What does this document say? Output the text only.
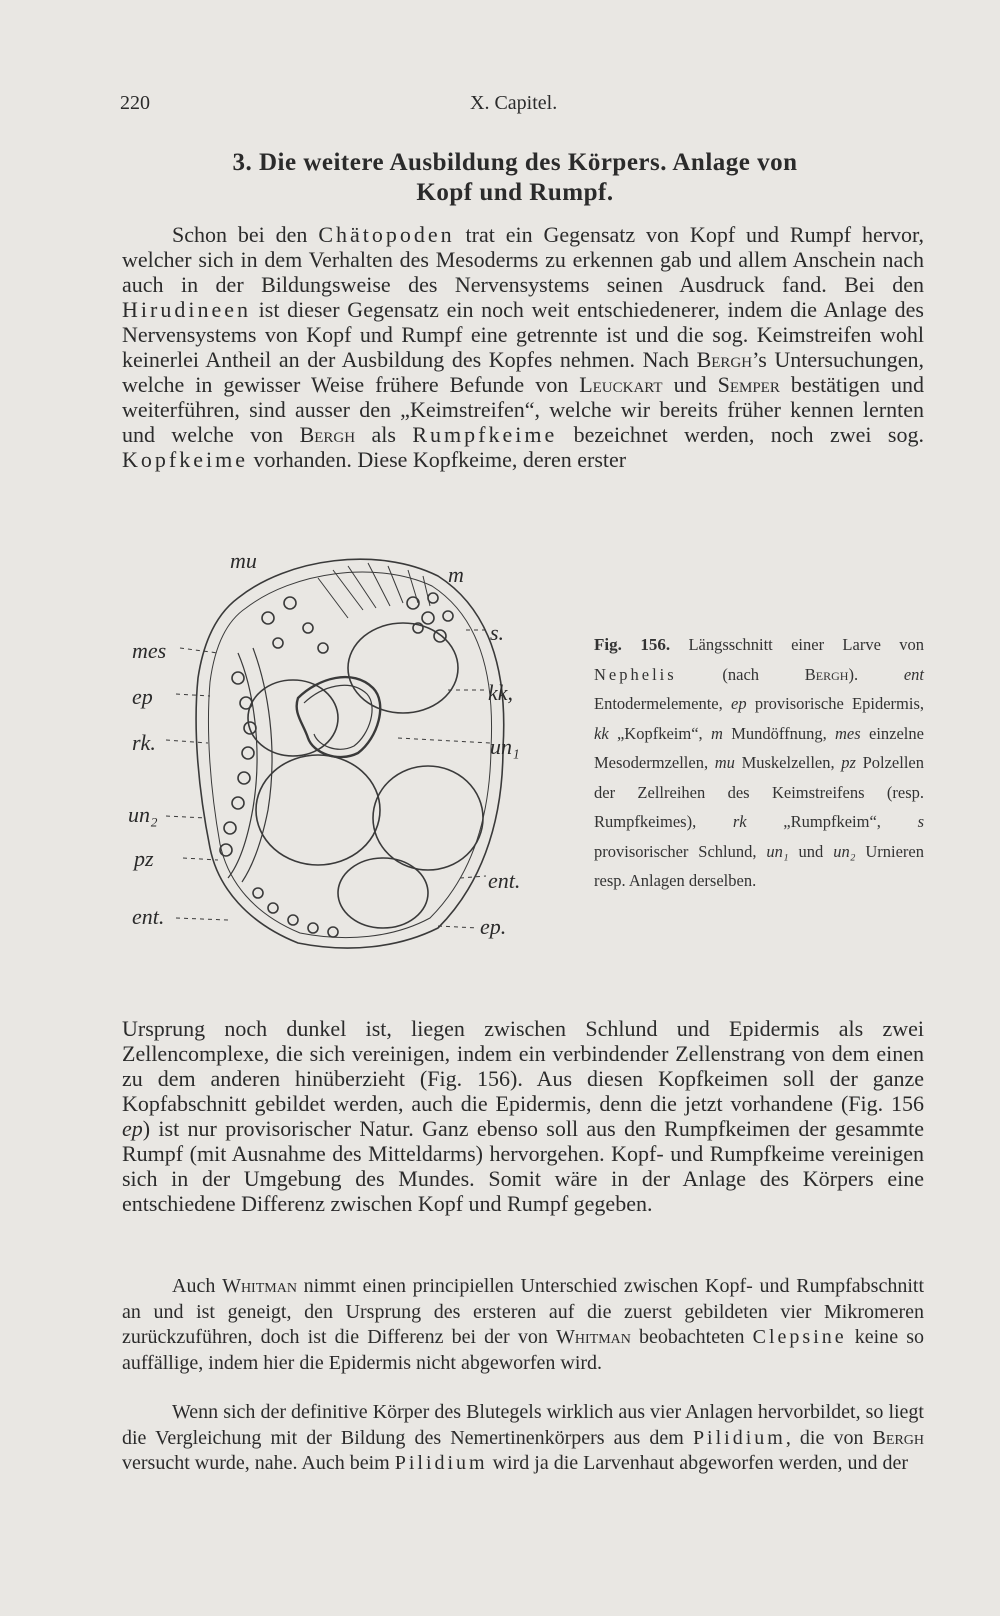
220	X. Capitel.
3. Die weitere Ausbildung des Körpers. Anlage von
Kopf und Rumpf.

Schon bei den Chätopoden trat ein Gegensatz von Kopf und Rumpf hervor, welcher sich in dem Verhalten des Mesoderms zu erkennen gab und allem Anschein nach auch in der Bildungsweise des Nervensystems seinen Ausdruck fand. Bei den Hirudineen ist dieser Gegensatz ein noch weit entschiedenerer, indem die Anlage des Nervensystems von Kopf und Rumpf eine getrennte ist und die sog. Keimstreifen wohl keinerlei Antheil an der Ausbildung des Kopfes nehmen. Nach Bergh’s Untersuchungen, welche in gewisser Weise frühere Befunde von Leuckart und Semper bestätigen und weiterführen, sind ausser den „Keimstreifen“, welche wir bereits früher kennen lernten und welche von Bergh als Rumpfkeime bezeichnet werden, noch zwei sog. Kopfkeime vorhanden. Diese Kopfkeime, deren erster

mu
m
s.
kk,
un₁
mes
ep
rk.
un₂
pz
ent.
ent.
ep.
Fig. 156. Längsschnitt einer Larve von Nephelis (nach Bergh). ent Entodermelemente, ep provisorische Epidermis, kk „Kopfkeim“, m Mundöffnung, mes einzelne Mesodermzellen, mu Muskelzellen, pz Polzellen der Zellreihen des Keimstreifens (resp. Rumpfkeimes), rk „Rumpfkeim“, s provisorischer Schlund, un₁ und un₂ Urnieren resp. Anlagen derselben.

Ursprung noch dunkel ist, liegen zwischen Schlund und Epidermis als zwei Zellencomplexe, die sich vereinigen, indem ein verbindender Zellenstrang von dem einen zu dem anderen hinüberzieht (Fig. 156). Aus diesen Kopfkeimen soll der ganze Kopfabschnitt gebildet werden, auch die Epidermis, denn die jetzt vorhandene (Fig. 156 ep) ist nur provisorischer Natur. Ganz ebenso soll aus den Rumpfkeimen der gesammte Rumpf (mit Ausnahme des Mitteldarms) hervorgehen. Kopf- und Rumpfkeime vereinigen sich in der Umgebung des Mundes. Somit wäre in der Anlage des Körpers eine entschiedene Differenz zwischen Kopf und Rumpf gegeben.

Auch Whitman nimmt einen principiellen Unterschied zwischen Kopf- und Rumpfabschnitt an und ist geneigt, den Ursprung des ersteren auf die zuerst gebildeten vier Mikromeren zurückzuführen, doch ist die Differenz bei der von Whitman beobachteten Clepsine keine so auffällige, indem hier die Epidermis nicht abgeworfen wird.

Wenn sich der definitive Körper des Blutegels wirklich aus vier Anlagen hervorbildet, so liegt die Vergleichung mit der Bildung des Nemertinenkörpers aus dem Pilidium, die von Bergh versucht wurde, nahe. Auch beim Pilidium wird ja die Larvenhaut abgeworfen werden, und der
